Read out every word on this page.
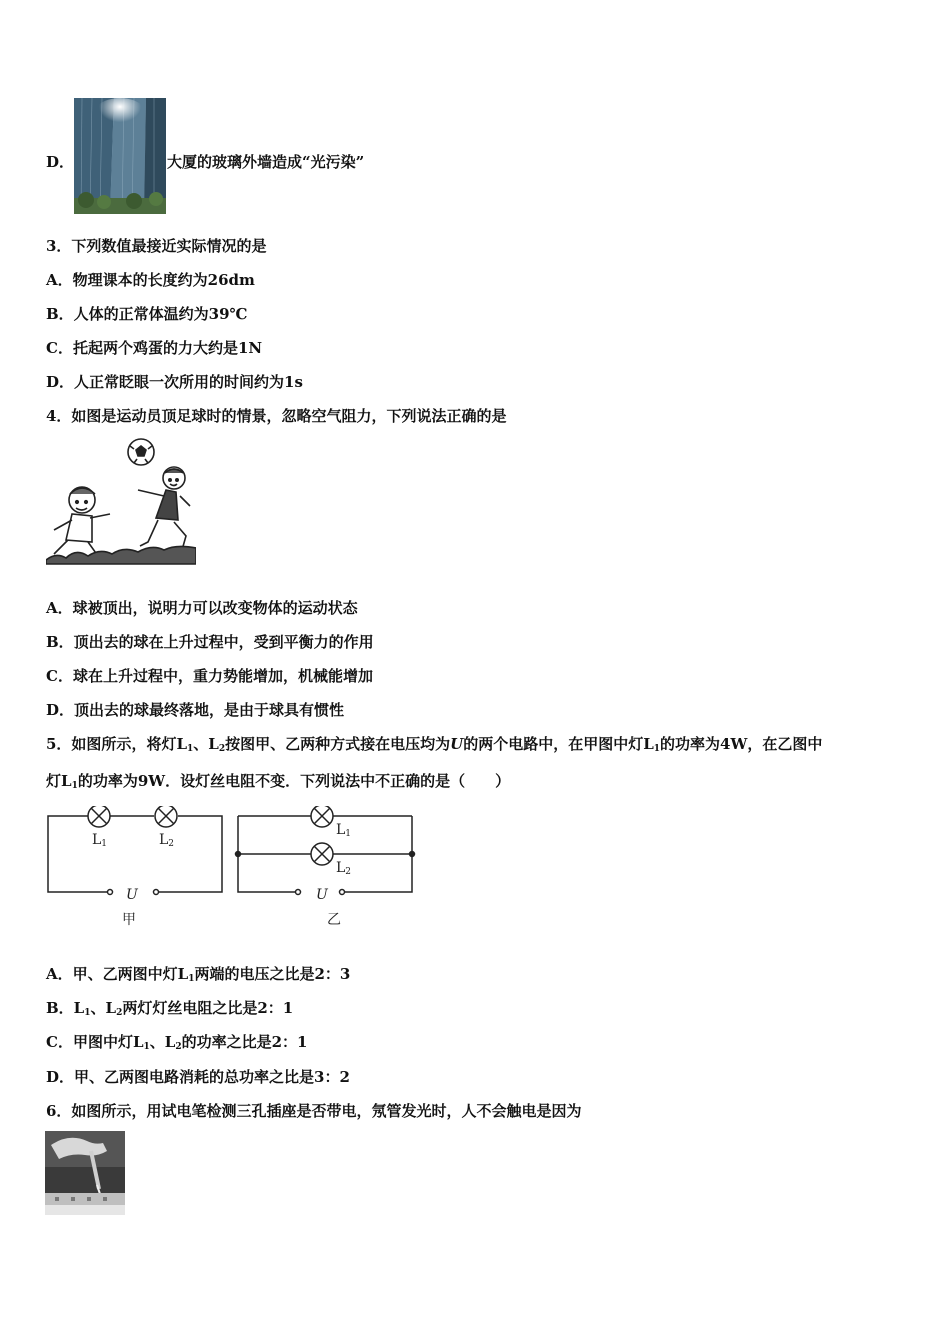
D．	大厦的玻璃外墙造成“光污染”
3．下列数值最接近实际情况的是
A．物理课本的长度约为26dm
B．人体的正常体温约为39℃
C．托起两个鸡蛋的力大约是1N
D．人正常眨眼一次所用的时间约为1s
4．如图是运动员顶足球时的情景，忽略空气阻力，下列说法正确的是
A．球被顶出，说明力可以改变物体的运动状态
B．顶出去的球在上升过程中，受到平衡力的作用
C．球在上升过程中，重力势能增加，机械能增加
D．顶出去的球最终落地，是由于球具有惯性
5．如图所示，将灯$L_1$、$L_2$按图甲、乙两种方式接在电压均为U的两个电路中，在甲图中灯$L_1$的功率为4W，在乙图中
灯$L_1$的功率为9W．设灯丝电阻不变．下列说法中不正确的是（　　）
L1	L2
U
甲
L1
L2
U
乙
A．甲、乙两图中灯$L_1$两端的电压之比是2：3
B．$L_1$、$L_2$两灯灯丝电阻之比是2：1
C．甲图中灯$L_1$、$L_2$的功率之比是2：1
D．甲、乙两图电路消耗的总功率之比是3：2
6．如图所示，用试电笔检测三孔插座是否带电，氖管发光时，人不会触电是因为
